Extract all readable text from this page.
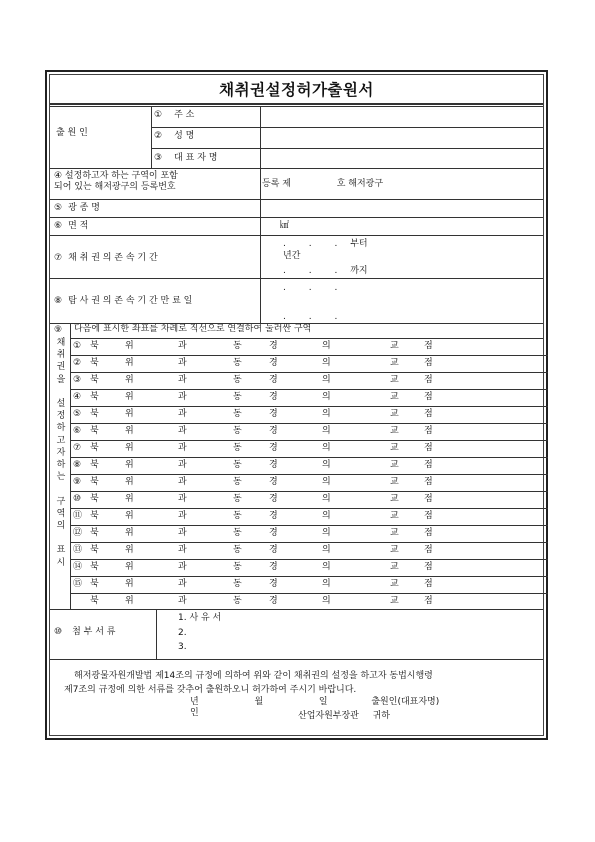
채취권설정허가출원서
출 원 인
①	주 소
②	성 명
③	대 표 자 명
④ 설정하고자 하는 구역이 포함
되어 있는 해저광구의 등록번호	등록 제	호 해저광구
⑤ 광 종 명
⑥ 면 적	㎢
⑦ 채 취 권 의 존 속 기 간
. . . 부터
년간
. . . 까지
⑧ 탐 사 권 의 존 속 기 간 만 료 일
. . .
. . .
⑨
채
취
권
을

설
정
하
고
자
하
는

구
역
의

표
시
다음에 표시한 좌표를 차례로 직선으로 연결하여 둘러싼 구역
① 북	위	과	동	경	의	교	점
② 북	위	과	동	경	의	교	점
③ 북	위	과	동	경	의	교	점
④ 북	위	과	동	경	의	교	점
⑤ 북	위	과	동	경	의	교	점
⑥ 북	위	과	동	경	의	교	점
⑦ 북	위	과	동	경	의	교	점
⑧ 북	위	과	동	경	의	교	점
⑨ 북	위	과	동	경	의	교	점
⑩ 북	위	과	동	경	의	교	점
⑪ 북	위	과	동	경	의	교	점
⑫ 북	위	과	동	경	의	교	점
⑬ 북	위	과	동	경	의	교	점
⑭ 북	위	과	동	경	의	교	점
⑮ 북	위	과	동	경	의	교	점
북	위	과	동	경	의	교	점
⑩	첨 부 서 류
1. 사 유 서
2.
3.

해저광물자원개발법 제14조의 규정에 의하여 위와 같이 채취권의 설정을 하고자 동법시행령

제7조의 규정에 의한 서류를 갖추어 출원하오니 허가하여 주시기 바랍니다.

년	월	일	출원인(대표자명)  인	산업자원부장관 귀하
